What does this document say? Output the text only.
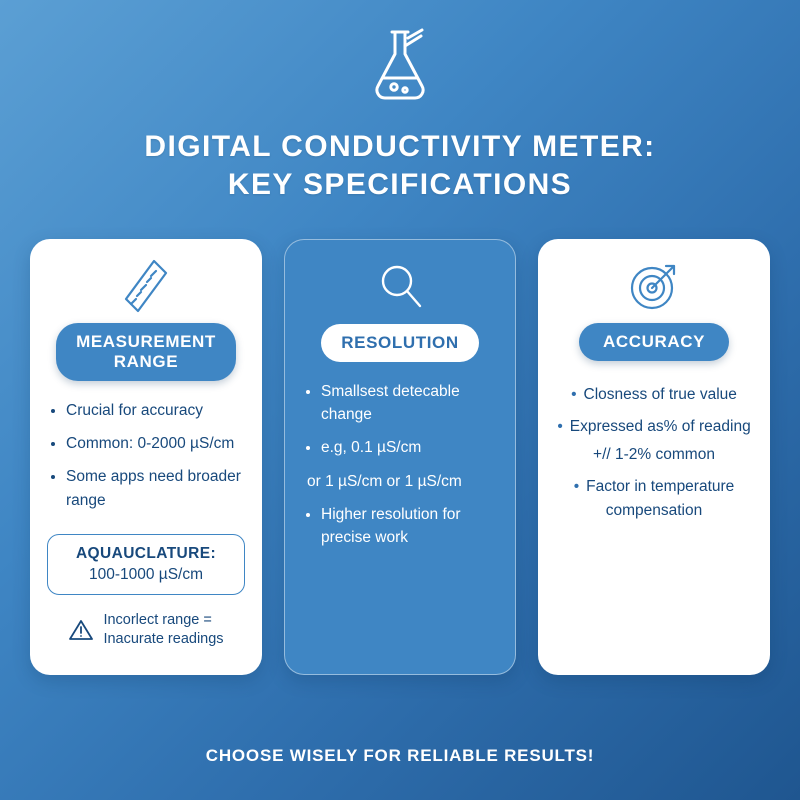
DIGITAL CONDUCTIVITY METER:
KEY SPECIFICATIONS
MEASUREMENT
RANGE
• Crucial for accuracy
• Common: 0-2000 µS/cm
• Some apps need broader range
AQUAUCLATURE:
100-1000 µS/cm
Incorlect range =
Inacurate readings
RESOLUTION
• Smallsest detecable change
• e.g, 0.1 µS/cm
or 1 µS/cm or 1 µS/cm
• Higher resolution for precise work
ACCURACY
• Closness of true value
• Expressed as% of reading
+// 1-2% common
• Factor in temperature compensation
CHOOSE WISELY FOR RELIABLE RESULTS!
